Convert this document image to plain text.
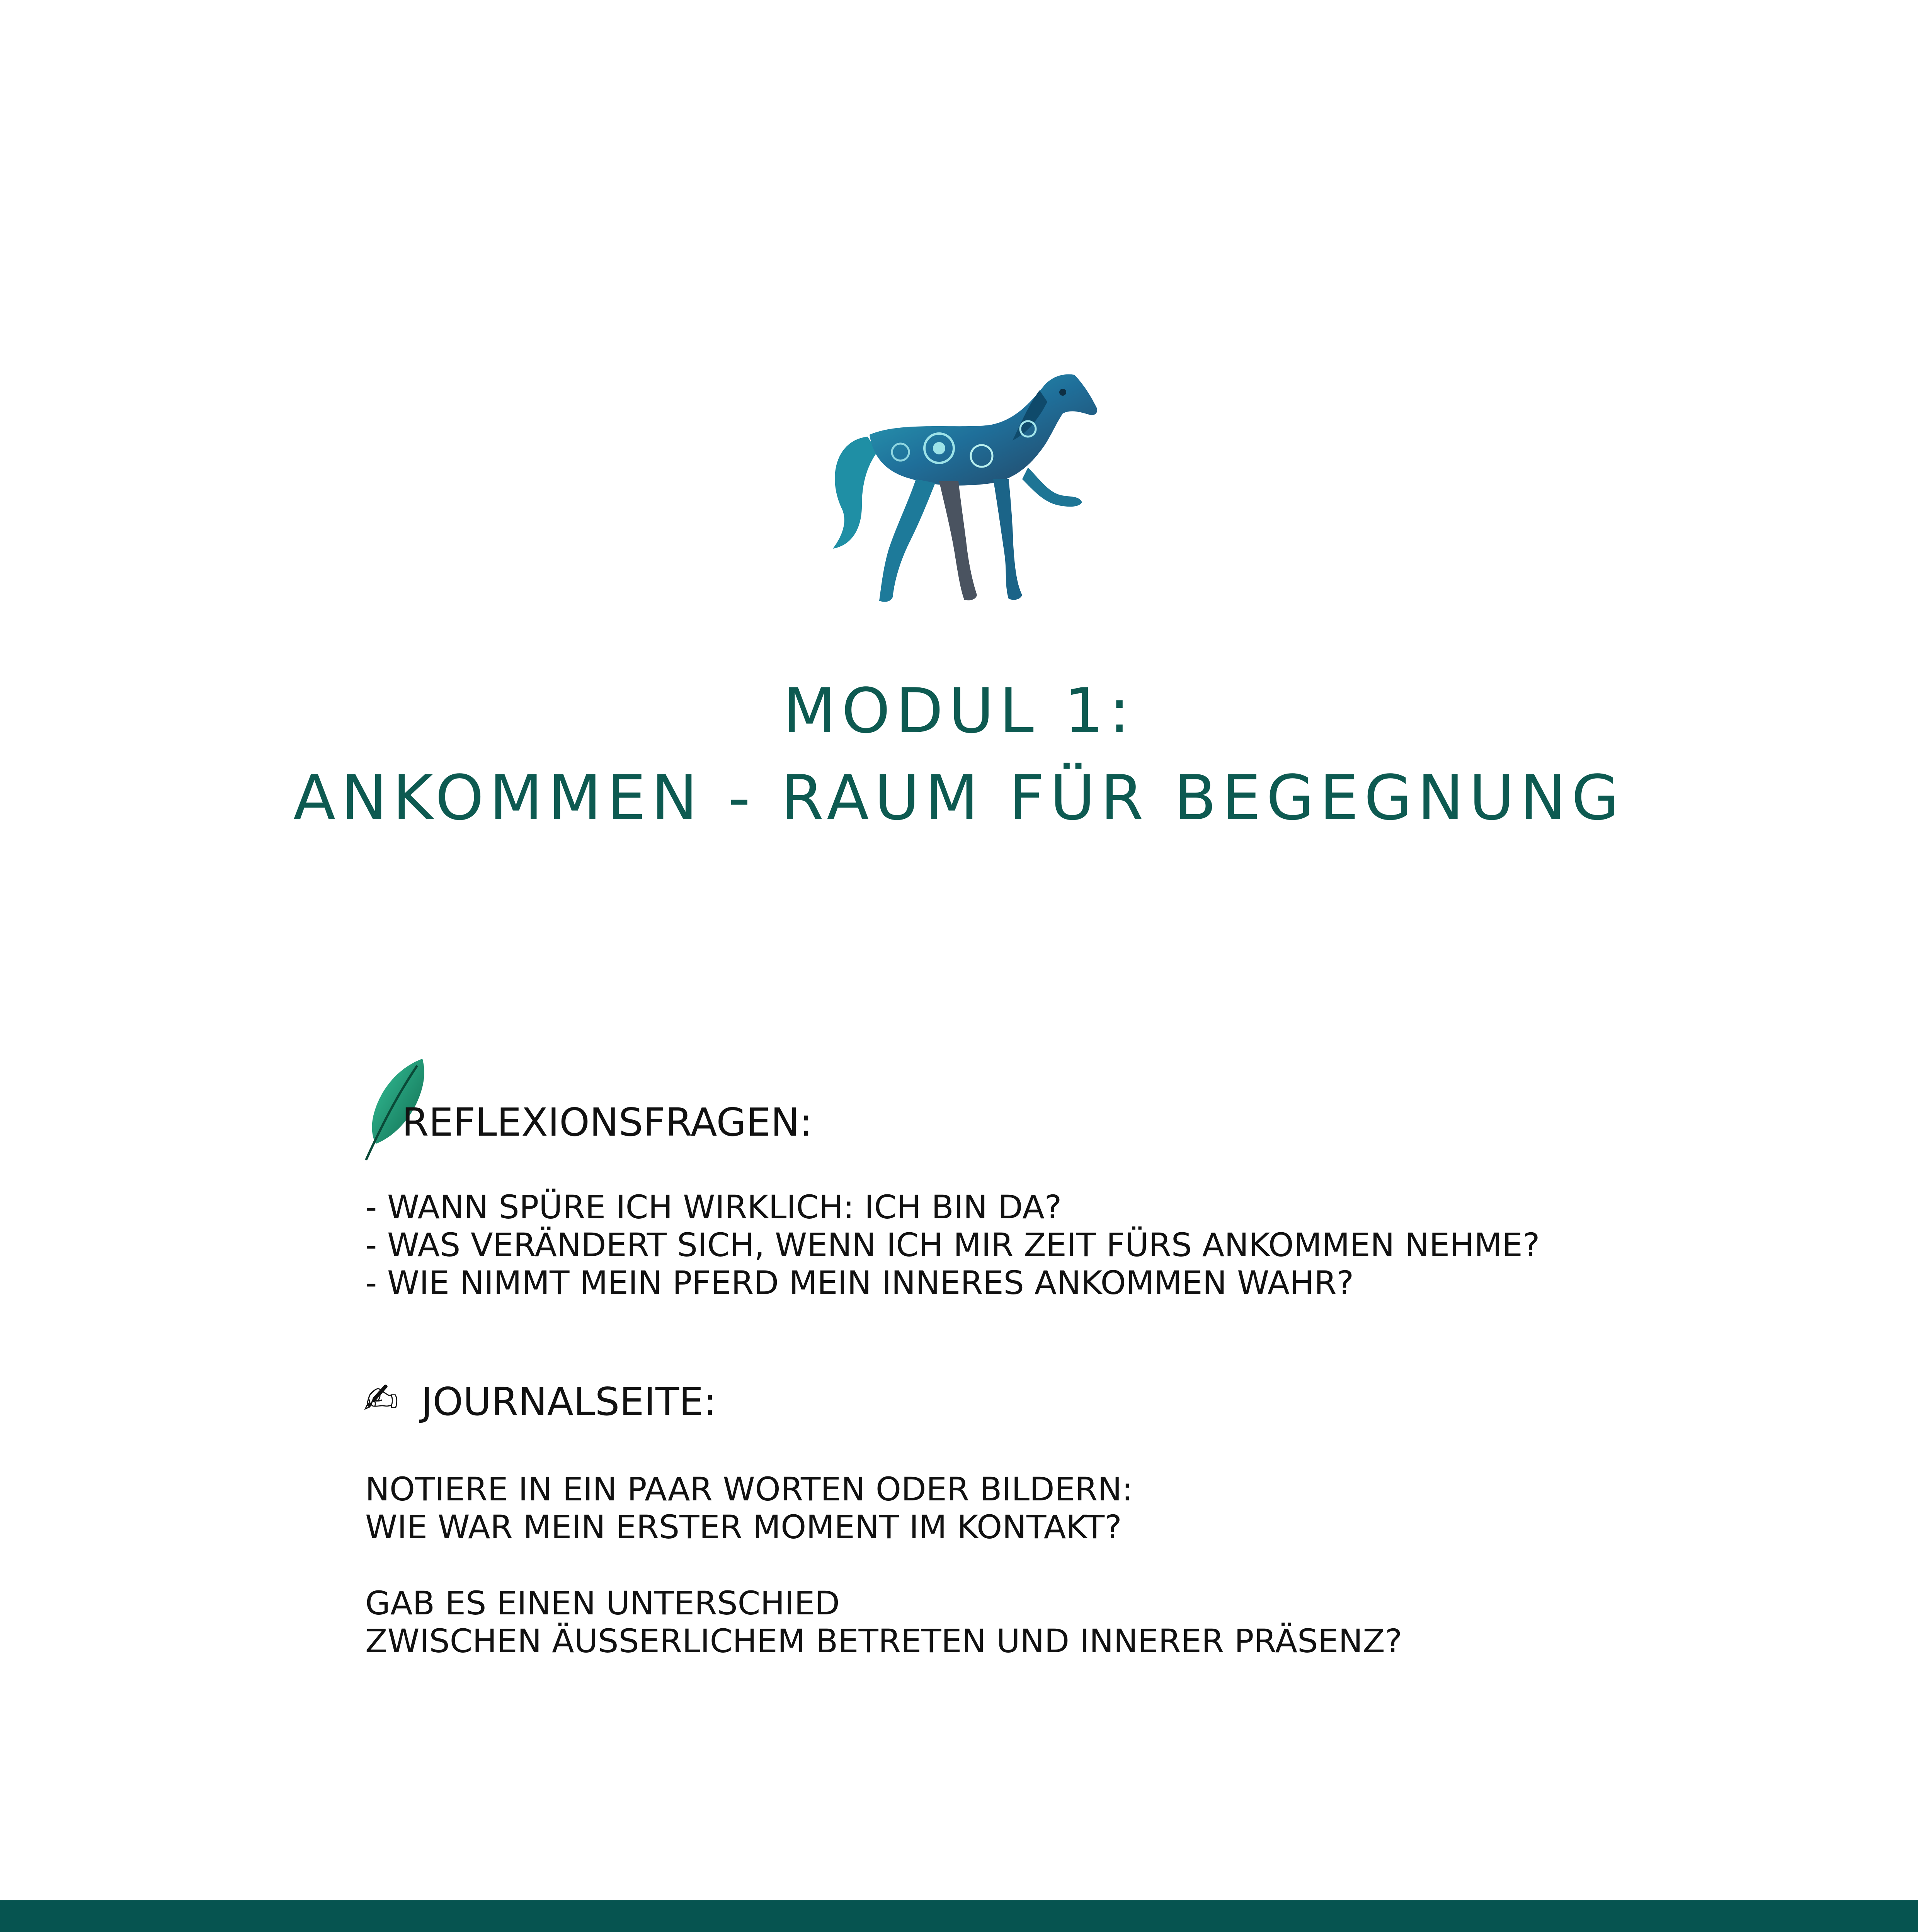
MODUL 1:
ANKOMMEN - RAUM FÜR BEGEGNUNG
REFLEXIONSFRAGEN:
- WANN SPÜRE ICH WIRKLICH: ICH BIN DA?
- WAS VERÄNDERT SICH, WENN ICH MIR ZEIT FÜRS ANKOMMEN NEHME?
- WIE NIMMT MEIN PFERD MEIN INNERES ANKOMMEN WAHR?
✍ JOURNALSEITE:
NOTIERE IN EIN PAAR WORTEN ODER BILDERN:
WIE WAR MEIN ERSTER MOMENT IM KONTAKT?
GAB ES EINEN UNTERSCHIED
ZWISCHEN ÄUSSERLICHEM BETRETEN UND INNERER PRÄSENZ?
